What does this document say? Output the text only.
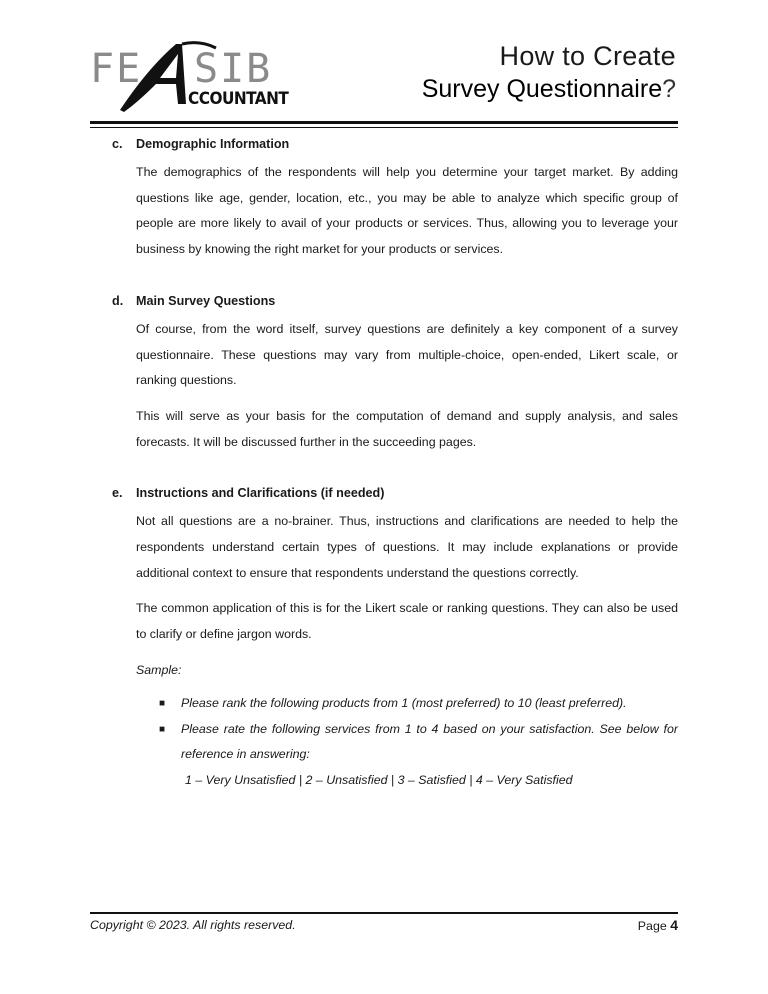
FE SIB
CCOUNTANT
How to Create
Survey Questionnaire?
c.	Demographic Information

The demographics of the respondents will help you determine your target market. By adding questions like age, gender, location, etc., you may be able to analyze which specific group of people are more likely to avail of your products or services. Thus, allowing you to leverage your business by knowing the right market for your products or services.

d.	Main Survey Questions

Of course, from the word itself, survey questions are definitely a key component of a survey questionnaire. These questions may vary from multiple-choice, open-ended, Likert scale, or ranking questions.

This will serve as your basis for the computation of demand and supply analysis, and sales forecasts. It will be discussed further in the succeeding pages.

e.	Instructions and Clarifications (if needed)

Not all questions are a no-brainer. Thus, instructions and clarifications are needed to help the respondents understand certain types of questions. It may include explanations or provide additional context to ensure that respondents understand the questions correctly.

The common application of this is for the Likert scale or ranking questions. They can also be used to clarify or define jargon words.

Sample:
■ Please rank the following products from 1 (most preferred) to 10 (least preferred).
■ Please rate the following services from 1 to 4 based on your satisfaction. See below for reference in answering:
1 – Very Unsatisfied | 2 – Unsatisfied | 3 – Satisfied | 4 – Very Satisfied
Copyright © 2023. All rights reserved.	Page 4
